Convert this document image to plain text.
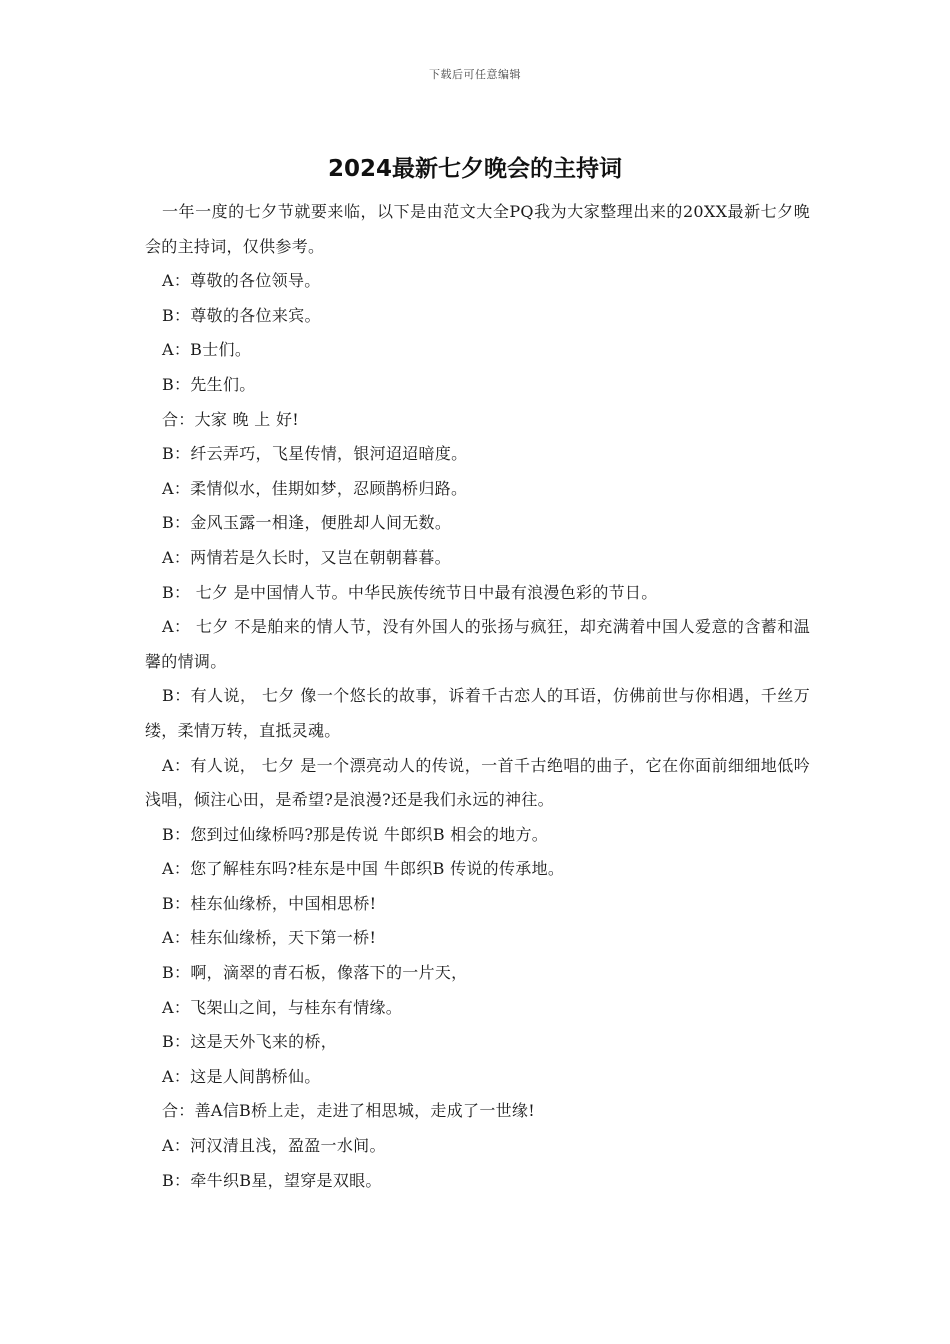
下载后可任意编辑
2024最新七夕晚会的主持词

一年一度的七夕节就要来临，以下是由范文大全PQ我为大家整理出来的20XX最新七夕晚会的主持词，仅供参考。

A：尊敬的各位领导。

B：尊敬的各位来宾。

A：B士们。

B：先生们。

合：大家 晚 上 好!

B：纤云弄巧，飞星传情，银河迢迢暗度。

A：柔情似水，佳期如梦，忍顾鹊桥归路。

B：金风玉露一相逢，便胜却人间无数。

A：两情若是久长时，又岂在朝朝暮暮。

B： 七夕 是中国情人节。中华民族传统节日中最有浪漫色彩的节日。

A： 七夕 不是舶来的情人节，没有外国人的张扬与疯狂，却充满着中国人爱意的含蓄和温馨的情调。

B：有人说， 七夕 像一个悠长的故事，诉着千古恋人的耳语，仿佛前世与你相遇，千丝万缕，柔情万转，直抵灵魂。

A：有人说， 七夕 是一个漂亮动人的传说，一首千古绝唱的曲子，它在你面前细细地低吟浅唱，倾注心田，是希望?是浪漫?还是我们永远的神往。

B：您到过仙缘桥吗?那是传说 牛郎织B 相会的地方。

A：您了解桂东吗?桂东是中国 牛郎织B 传说的传承地。

B：桂东仙缘桥，中国相思桥!

A：桂东仙缘桥，天下第一桥!

B：啊，滴翠的青石板，像落下的一片天，

A：飞架山之间，与桂东有情缘。

B：这是天外飞来的桥，

A：这是人间鹊桥仙。

合：善A信B桥上走，走进了相思城，走成了一世缘!

A：河汉清且浅，盈盈一水间。

B：牵牛织B星，望穿是双眼。
